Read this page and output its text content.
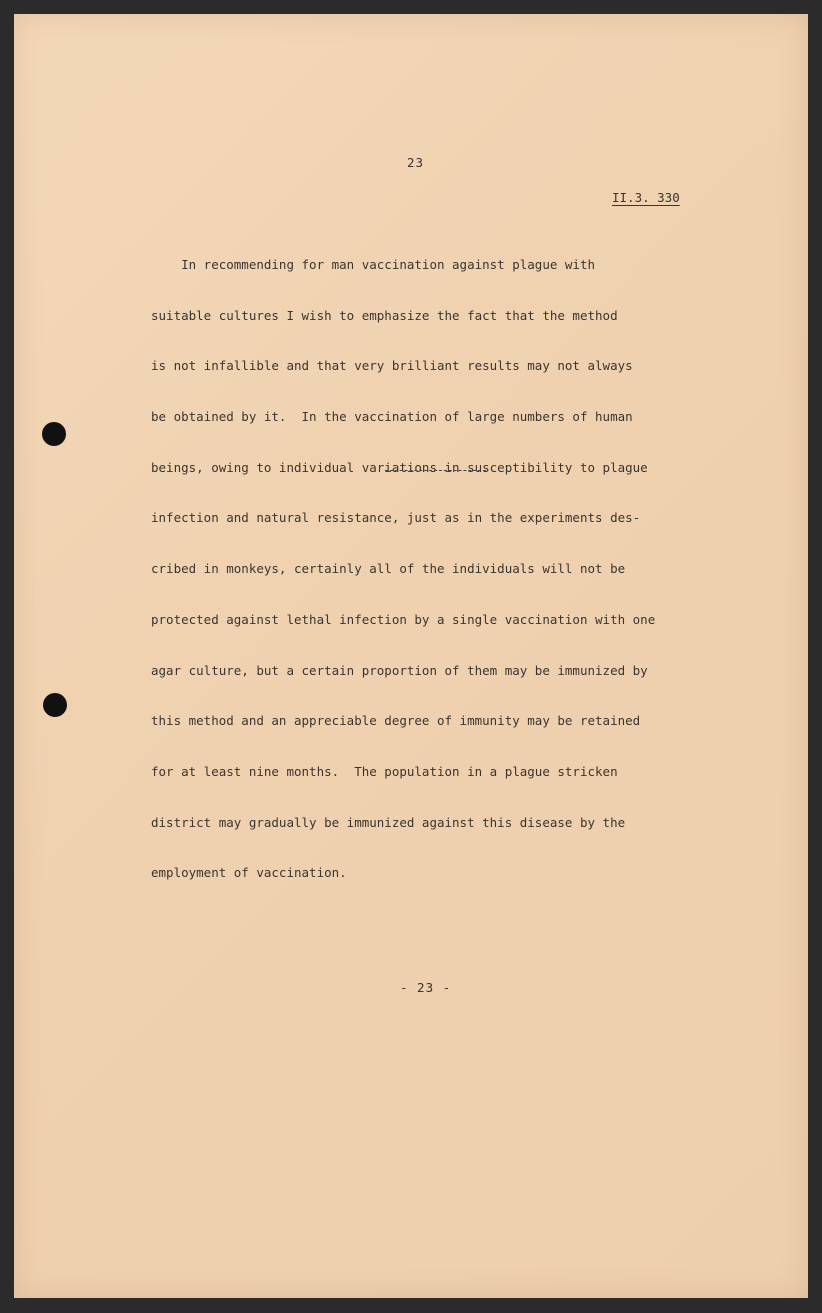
23
II.3. 330

In recommending for man vaccination against plague with

suitable cultures I wish to emphasize the fact that the method

is not infallible and that very brilliant results may not always

be obtained by it.  In the vaccination of large numbers of human

beings, owing to individual variations in susceptibility to plague

infection and natural resistance, just as in the experiments des-

cribed in monkeys, certainly all of the individuals will not be

protected against lethal infection by a single vaccination with one

agar culture, but a certain proportion of them may be immunized by

this method and an appreciable degree of immunity may be retained

for at least nine months.  The population in a plague stricken

district may gradually be immunized against this disease by the

employment of vaccination.

- 23 -
